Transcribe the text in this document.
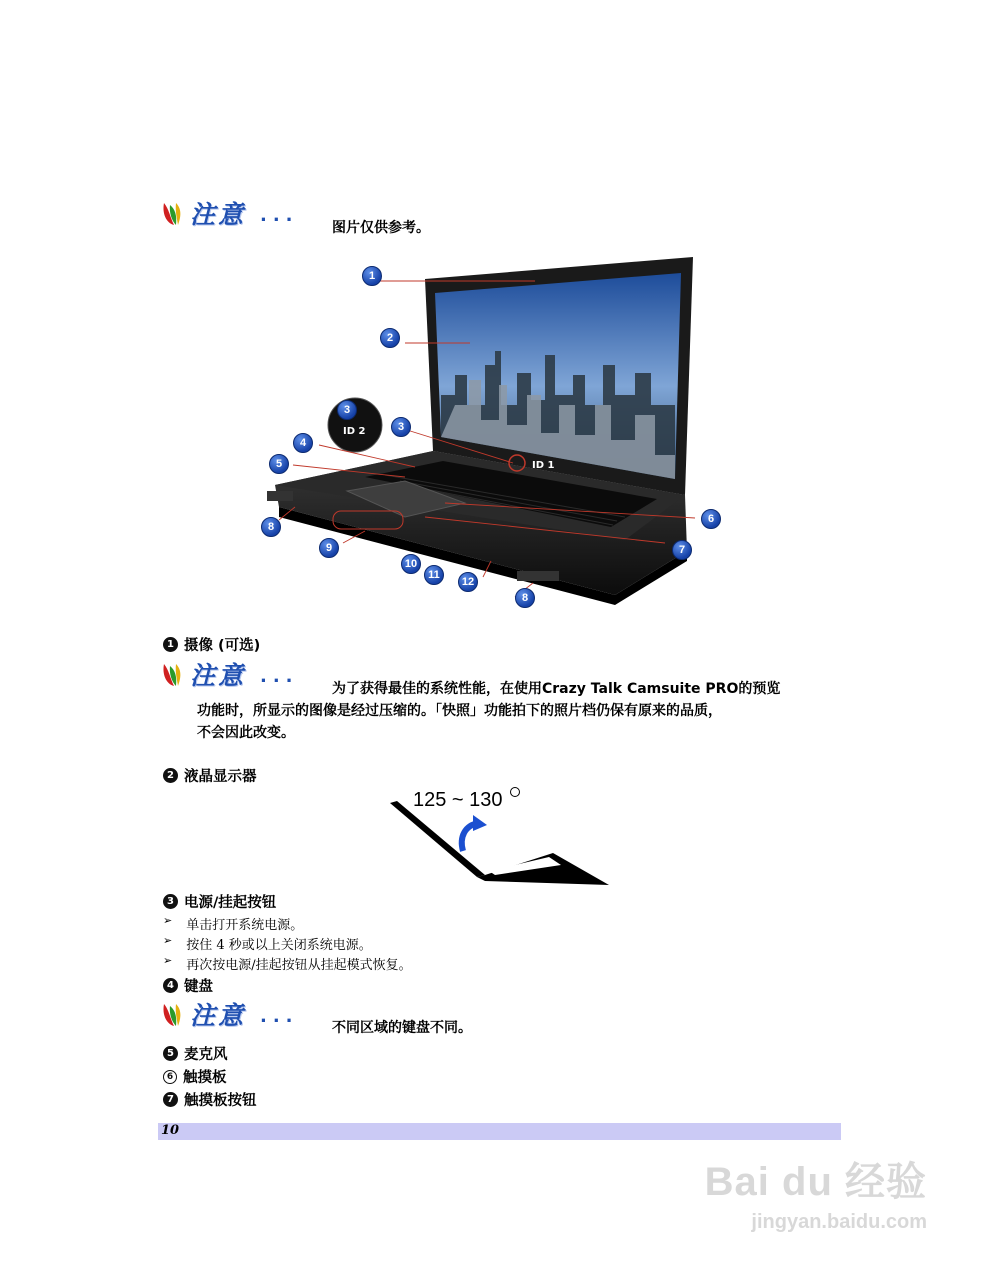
注意 ...
图片仅供参考。
ID 2
ID 1
1
2
3
3
4
5
6
7
8
8
9
10
11
12
1 摄像 (可选)
注意 ...
为了获得最佳的系统性能，在使用Crazy Talk Camsuite PRO的预览
功能时，所显示的图像是经过压缩的。「快照」功能拍下的照片档仍保有原来的品质，
不会因此改变。
2 液晶显示器
125 ~ 130
3 电源/挂起按钮
➢ 单击打开系统电源。
➢ 按住 4 秒或以上关闭系统电源。
➢ 再次按电源/挂起按钮从挂起模式恢复。
4 键盘
注意 ...
不同区域的键盘不同。
5 麦克风
6 触摸板
7 触摸板按钮
10
Bai du 经验
jingyan.baidu.com
